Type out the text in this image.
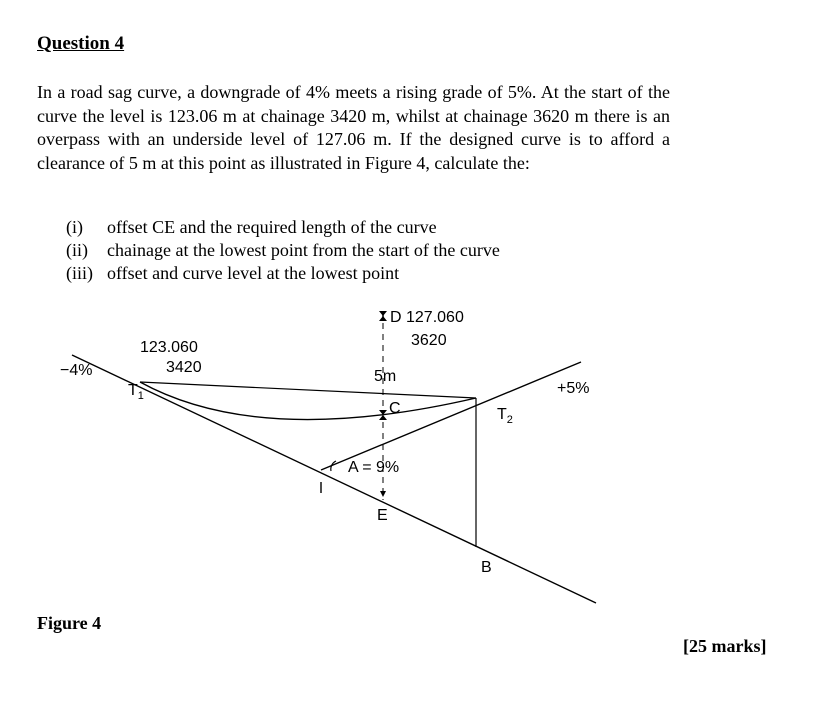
Question 4

In a road sag curve, a downgrade of 4% meets a rising grade of 5%. At the start of the curve the level is 123.06 m at chainage 3420 m, whilst at chainage 3620 m there is an overpass with an underside level of 127.06 m. If the designed curve is to afford a clearance of 5 m at this point as illustrated in Figure 4, calculate the:

(i)	offset CE and the required length of the curve
(ii)	chainage at the lowest point from the start of the curve
(iii) offset and curve level at the lowest point
−4%
123.060
3420
$T_1$
D 127.060
3620
5m
C
A = 9%
E
+5%
$T_2$
B
Figure 4
[25 marks]
